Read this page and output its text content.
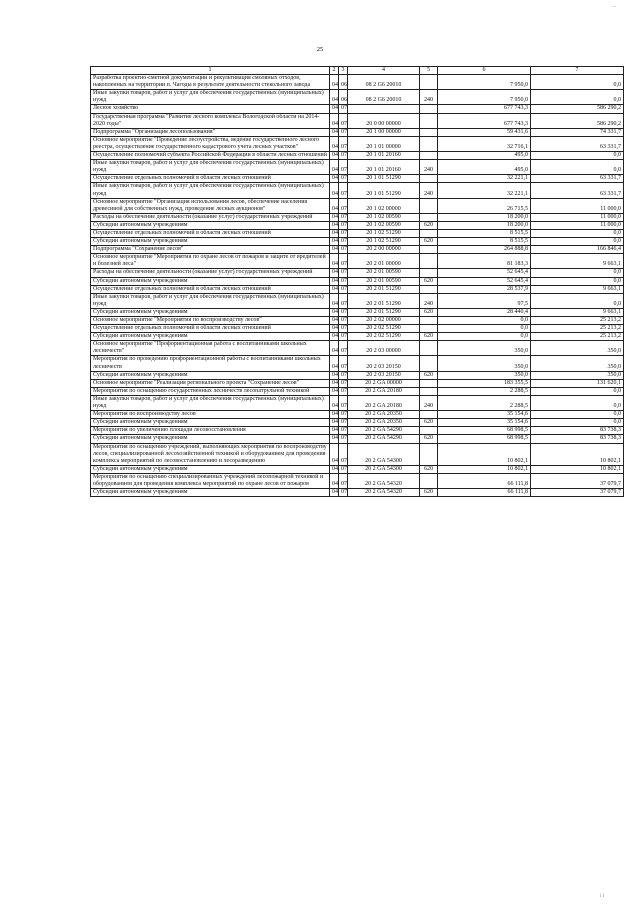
25
...
i l
1	2	3	4	5	6	7
Разработка проектно-сметной документации и рекультивация смоляных отходов, накопленных на территории п. Чагоды в результате деятельности стекольного завода	04	06	08 2 G6 20010		7 950,0	0,0
Иные закупки товаров, работ и услуг для обеспечения государственных (муниципальных) нужд	04	06	08 2 G6 20010	240	7 950,0	0,0
Лесное хозяйство	04	07			677 743,3	586 290,2
Государственная программа "Развитие лесного комплекса Вологодской области на 2014-2020 годы"	04	07	20 0 00 00000		677 743,3	586 290,2
Подпрограмма "Организация лесопользования"	04	07	20 1 00 00000		59 431,6	74 331,7
Основное мероприятие "Проведение лесоустройства, ведение государственного лесного реестра, осуществление государственного кадастрового учета лесных участков"	04	07	20 1 01 00000		32 716,1	63 331,7
Осуществление полномочий субъекта Российской Федерации в области лесных отношений	04	07	20 1 01 20160		495,0	0,0
Иные закупки товаров, работ и услуг для обеспечения государственных (муниципальных) нужд	04	07	20 1 01 20160	240	495,0	0,0
Осуществление отдельных полномочий в области лесных отношений	04	07	20 1 01 51290		32 221,1	63 331,7
Иные закупки товаров, работ и услуг для обеспечения государственных (муниципальных) нужд	04	07	20 1 01 51290	240	32 221,1	63 331,7
Основное мероприятие "Организация использования лесов, обеспечение населения древесиной для собственных нужд, проведение лесных аукционов"	04	07	20 1 02 00000		26 715,5	11 000,0
Расходы на обеспечение деятельности (оказание услуг) государственных учреждений	04	07	20 1 02 00590		18 200,0	11 000,0
Субсидии автономным учреждениям	04	07	20 1 02 00590	620	18 200,0	11 000,0
Осуществление отдельных полномочий в области лесных отношений	04	07	20 1 02 51290		8 515,5	0,0
Субсидии автономным учреждениям	04	07	20 1 02 51290	620	8 515,5	0,0
Подпрограмма "Сохранение лесов"	04	07	20 2 00 00000		264 888,8	166 846,4
Основное мероприятие "Мероприятия по охране лесов от пожаров и защите от вредителей и болезней леса"	04	07	20 2 01 00000		81 183,3	9 663,1
Расходы на обеспечение деятельности (оказание услуг) государственных учреждений	04	07	20 2 01 00590		52 645,4	0,0
Субсидии автономным учреждениям	04	07	20 2 01 00590	620	52 645,4	0,0
Осуществление отдельных полномочий в области лесных отношений	04	07	20 2 01 51290		28 537,9	9 663,1
Иные закупки товаров, работ и услуг для обеспечения государственных (муниципальных) нужд	04	07	20 2 01 51290	240	97,5	0,0
Субсидии автономным учреждениям	04	07	20 2 01 51290	620	28 440,4	9 663,1
Основное мероприятие "Мероприятия по воспроизводству лесов"	04	07	20 2 02 00000		0,0	25 213,2
Осуществление отдельных полномочий в области лесных отношений	04	07	20 2 02 51290		0,0	25 213,2
Субсидии автономным учреждениям	04	07	20 2 02 51290	620	0,0	25 213,2
Основное мероприятие "Профориентационная работа с воспитанниками школьных лесничеств"	04	07	20 2 03 00000		350,0	350,0
Мероприятия по проведению профориентационной работы с воспитанниками школьных лесничеств	04	07	20 2 03 20150		350,0	350,0
Субсидии автономным учреждениям	04	07	20 2 03 20150	620	350,0	350,0
Основное мероприятие "Реализация регионального проекта "Сохранение лесов"	04	07	20 2 GA 00000		183 355,5	131 620,1
Мероприятия по оснащению государственных лесничеств лесопатрульной техникой	04	07	20 2 GA 20180		2 288,5	0,0
Иные закупки товаров, работ и услуг для обеспечения государственных (муниципальных) нужд	04	07	20 2 GA 20180	240	2 288,5	0,0
Мероприятия по воспроизводству лесов	04	07	20 2 GA 20350		35 154,6	0,0
Субсидии автономным учреждениям	04	07	20 2 GA 20350	620	35 154,6	0,0
Мероприятия по увеличению площади лесовосстановления	04	07	20 2 GA 54290		68 998,5	83 738,3
Субсидии автономным учреждениям	04	07	20 2 GA 54290	620	68 998,5	83 738,3
Мероприятия по оснащению учреждений, выполняющих мероприятия по воспроизводству лесов, специализированной лесохозяйственной техникой и оборудованием для проведения комплекса мероприятий по лесовосстановлению и лесоразведению	04	07	20 2 GA 54300		10 802,1	10 802,1
Субсидии автономным учреждениям	04	07	20 2 GA 54300	620	10 802,1	10 802,1
Мероприятия по оснащению специализированных учреждений лесопожарной техникой и оборудованием для проведения комплекса мероприятий по охране лесов от пожаров	04	07	20 2 GA 54320		66 111,8	37 079,7
Субсидии автономным учреждениям	04	07	20 2 GA 54320	620	66 111,8	37 079,7
